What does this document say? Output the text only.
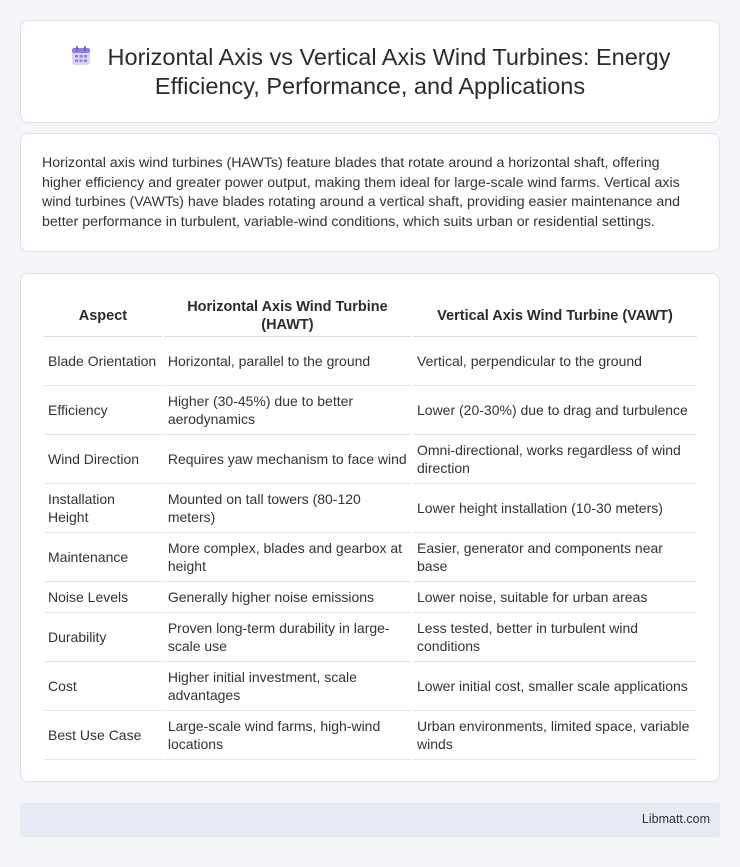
Horizontal Axis vs Vertical Axis Wind Turbines: Energy Efficiency, Performance, and Applications

Horizontal axis wind turbines (HAWTs) feature blades that rotate around a horizontal shaft, offering higher efficiency and greater power output, making them ideal for large-scale wind farms. Vertical axis wind turbines (VAWTs) have blades rotating around a vertical shaft, providing easier maintenance and better performance in turbulent, variable-wind conditions, which suits urban or residential settings.

Aspect	Horizontal Axis Wind Turbine (HAWT)	Vertical Axis Wind Turbine (VAWT)
Blade Orientation	Horizontal, parallel to the ground	Vertical, perpendicular to the ground
Efficiency	Higher (30-45%) due to better aerodynamics	Lower (20-30%) due to drag and turbulence
Wind Direction	Requires yaw mechanism to face wind	Omni-directional, works regardless of wind direction
Installation Height	Mounted on tall towers (80-120 meters)	Lower height installation (10-30 meters)
Maintenance	More complex, blades and gearbox at height	Easier, generator and components near base
Noise Levels	Generally higher noise emissions	Lower noise, suitable for urban areas
Durability	Proven long-term durability in large-scale use	Less tested, better in turbulent wind conditions
Cost	Higher initial investment, scale advantages	Lower initial cost, smaller scale applications
Best Use Case	Large-scale wind farms, high-wind locations	Urban environments, limited space, variable winds
Libmatt.com
